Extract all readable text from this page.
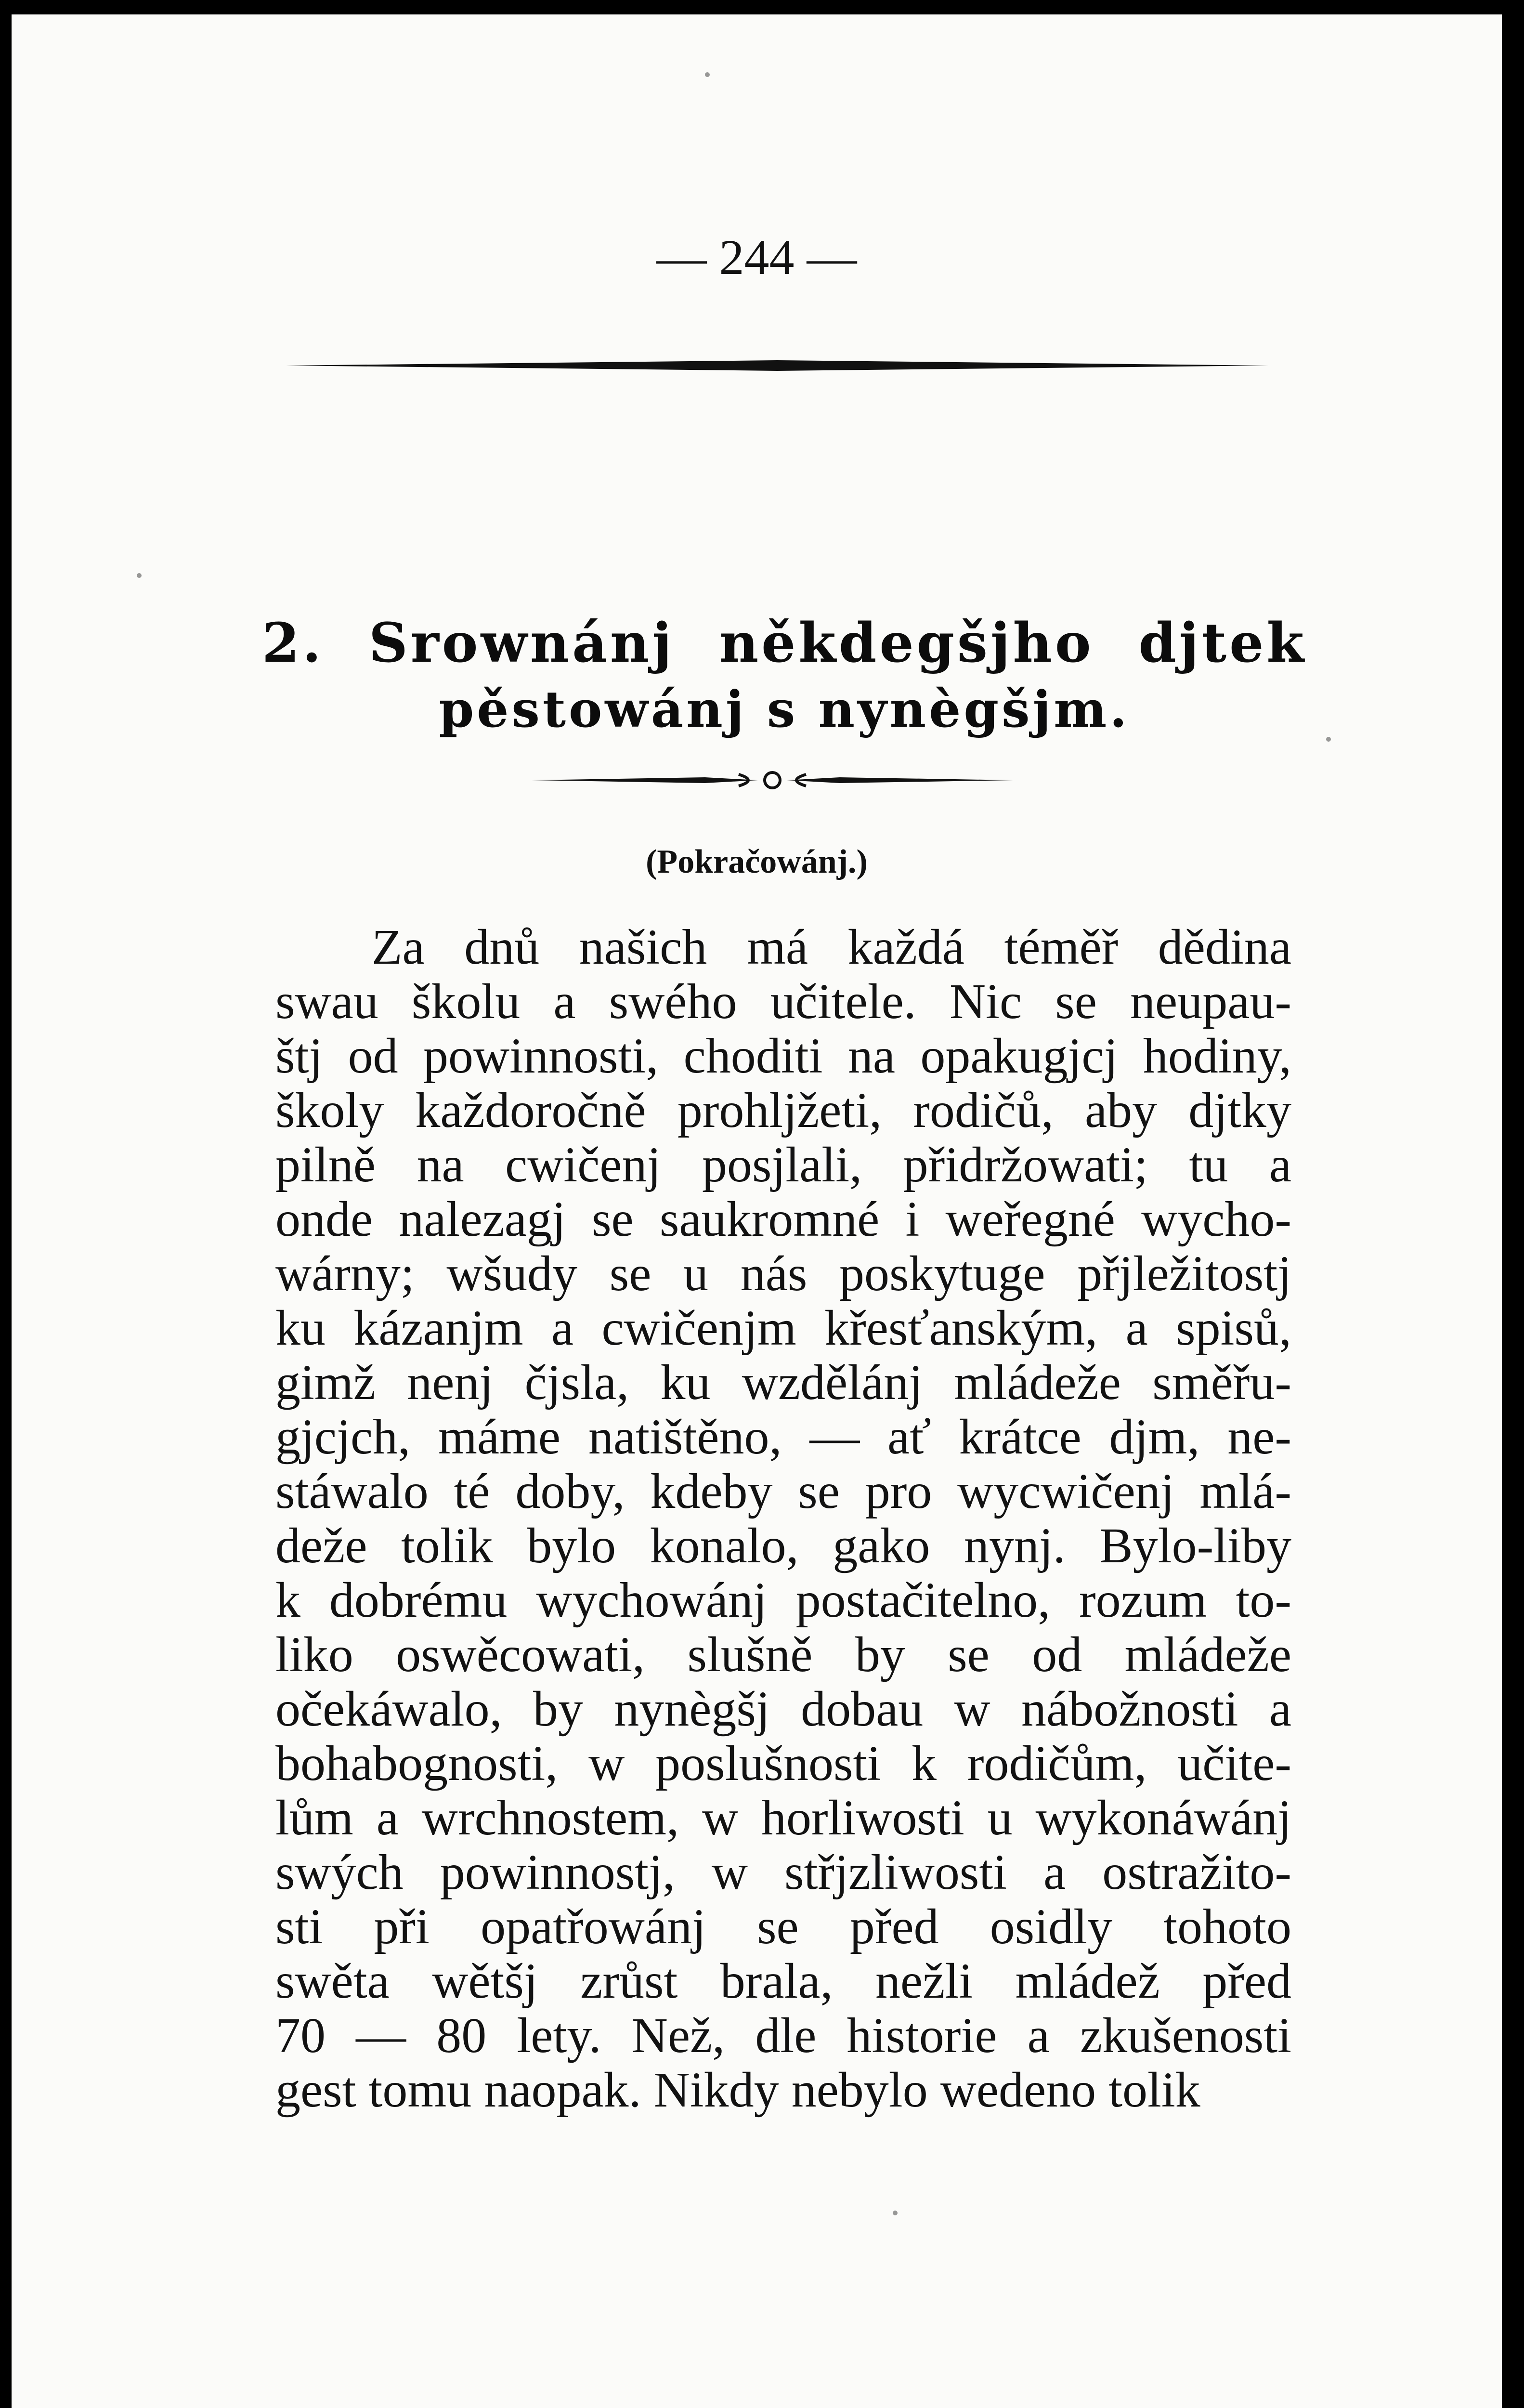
— 244 —
2. Srownánj někdegšjho djtek
pěstowánj s nynègšjm.
(Pokračowánj.)
Za dnů našich má každá téměř dědina
swau školu a swého učitele. Nic se neupau-
štj od powinnosti, choditi na opakugjcj hodiny,
školy každoročně prohljžeti, rodičů, aby djtky
pilně na cwičenj posjlali, přidržowati; tu a
onde nalezagj se saukromné i weřegné wycho-
wárny; wšudy se u nás poskytuge přjležitostj
ku kázanjm a cwičenjm křesťanským, a spisů,
gimž nenj čjsla, ku wzdělánj mládeže směřu-
gjcjch, máme natištěno, — ať krátce djm, ne-
stáwalo té doby, kdeby se pro wycwičenj mlá-
deže tolik bylo konalo, gako nynj. Bylo-liby
k dobrému wychowánj postačitelno, rozum to-
liko oswěcowati, slušně by se od mládeže
očekáwalo, by nynègšj dobau w nábožnosti a
bohabognosti, w poslušnosti k rodičům, učite-
lům a wrchnostem, w horliwosti u wykonáwánj
swých powinnostj, w střjzliwosti a ostražito-
sti při opatřowánj se před osidly tohoto
swěta wětšj zrůst brala, nežli mládež před
70 — 80 lety. Než, dle historie a zkušenosti
gest tomu naopak. Nikdy nebylo wedeno tolik
